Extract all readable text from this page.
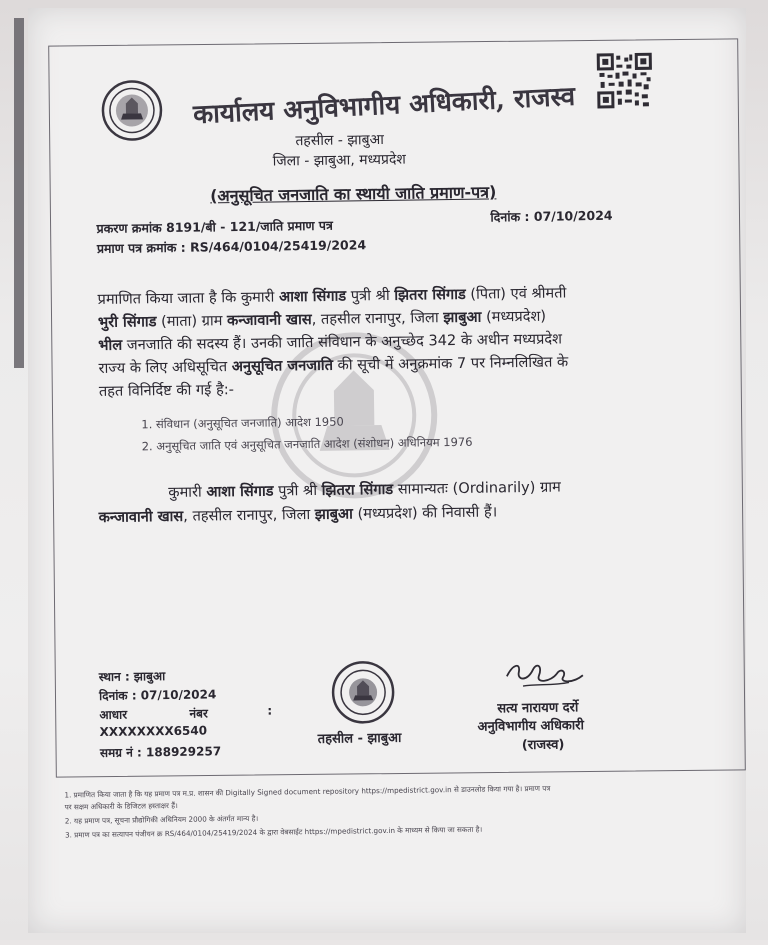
कार्यालय अनुविभागीय अधिकारी, राजस्व
तहसील - झाबुआ
जिला - झाबुआ, मध्यप्रदेश
(अनुसूचित जनजाति का स्थायी जाति प्रमाण-पत्र)
प्रकरण क्रमांक 8191/बी - 121/जाति प्रमाण पत्र
प्रमाण पत्र क्रमांक : RS/464/0104/25419/2024
दिनांक : 07/10/2024
प्रमाणित किया जाता है कि कुमारी आशा सिंगाड पुत्री श्री झितरा सिंगाड (पिता) एवं श्रीमती
भुरी सिंगाड (माता) ग्राम कन्जावानी खास, तहसील रानापुर, जिला झाबुआ (मध्यप्रदेश)
भील जनजाति की सदस्य हैं। उनकी जाति संविधान के अनुच्छेद 342 के अधीन मध्यप्रदेश
राज्य के लिए अधिसूचित अनुसूचित जनजाति की सूची में अनुक्रमांक 7 पर निम्नलिखित के
तहत विनिर्दिष्ट की गई है:-
1. संविधान (अनुसूचित जनजाति) आदेश 1950
2. अनुसूचित जाति एवं अनुसूचित जनजाति आदेश (संशोधन) अधिनियम 1976
कुमारी आशा सिंगाड पुत्री श्री झितरा सिंगाड सामान्यतः (Ordinarily) ग्राम
कन्जावानी खास, तहसील रानापुर, जिला झाबुआ (मध्यप्रदेश) की निवासी हैं।
स्थान : झाबुआ
दिनांक : 07/10/2024
आधार	नंबर	:
XXXXXXXX6540
समग्र नं : 188929257
तहसील - झाबुआ
सत्य नारायण दर्रो
अनुविभागीय अधिकारी
(राजस्व)
1. प्रमाणित किया जाता है कि यह प्रमाण पत्र म.प्र. शासन की Digitally Signed document repository https://mpedistrict.gov.in से डाउनलोड किया गया है। प्रमाण पत्र
पर सक्षम अधिकारी के डिजिटल हस्ताक्षर हैं।
2. यह प्रमाण पत्र, सूचना प्रौद्योगिकी अधिनियम 2000 के अंतर्गत मान्य है।
3. प्रमाण पत्र का सत्यापन पंजीयन क्र RS/464/0104/25419/2024 के द्वारा वेबसाईट https://mpedistrict.gov.in के माध्यम से किया जा सकता है।
